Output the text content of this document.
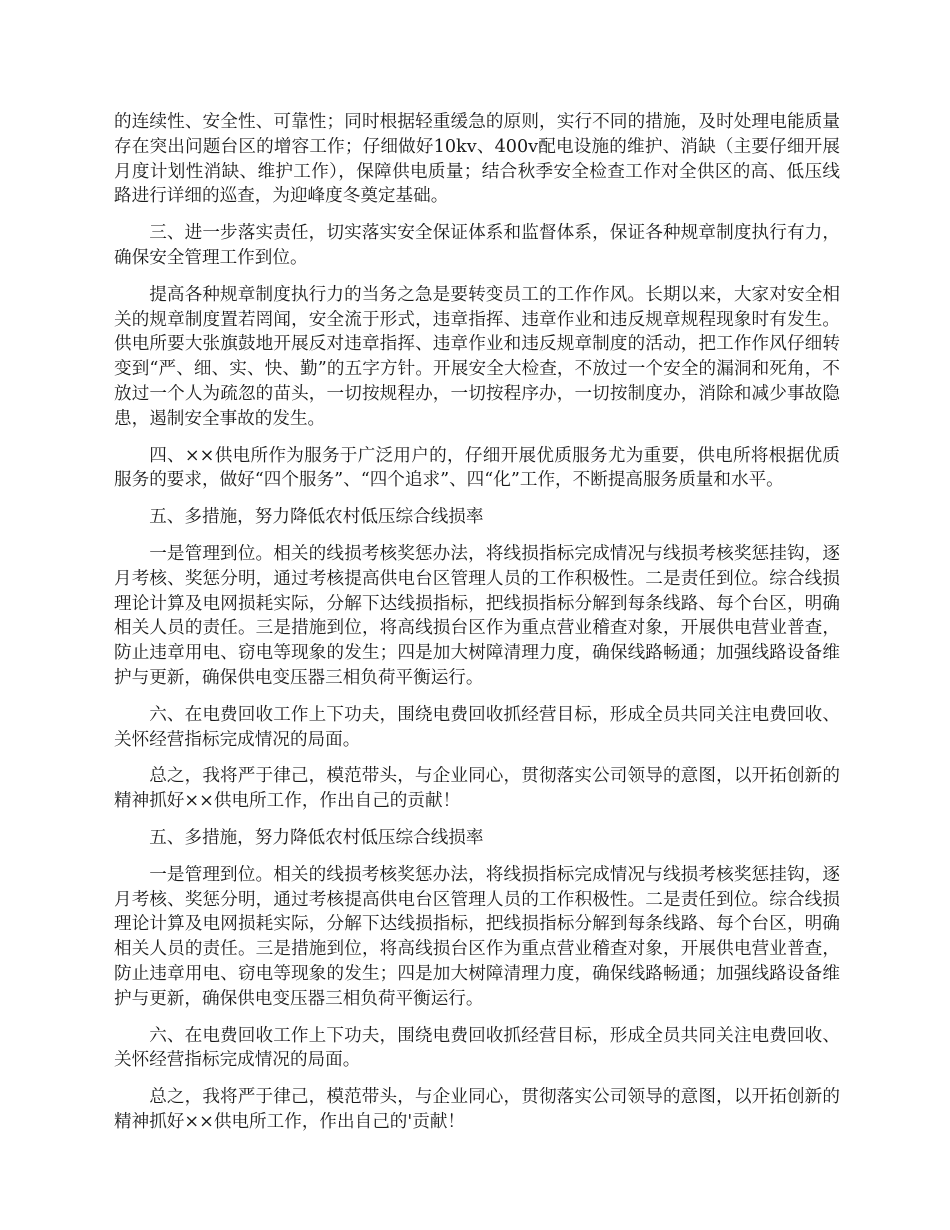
的连续性、安全性、可靠性；同时根据轻重缓急的原则，实行不同的措施，及时处理电能质量存在突出问题台区的增容工作；仔细做好10kv、400v配电设施的维护、消缺（主要仔细开展月度计划性消缺、维护工作），保障供电质量；结合秋季安全检查工作对全供区的高、低压线路进行详细的巡查，为迎峰度冬奠定基础。

三、进一步落实责任，切实落实安全保证体系和监督体系，保证各种规章制度执行有力，确保安全管理工作到位。

提高各种规章制度执行力的当务之急是要转变员工的工作作风。长期以来，大家对安全相关的规章制度置若罔闻，安全流于形式，违章指挥、违章作业和违反规章规程现象时有发生。供电所要大张旗鼓地开展反对违章指挥、违章作业和违反规章制度的活动，把工作作风仔细转变到“严、细、实、快、勤”的五字方针。开展安全大检查，不放过一个安全的漏洞和死角，不放过一个人为疏忽的苗头，一切按规程办，一切按程序办，一切按制度办，消除和减少事故隐患，遏制安全事故的发生。

四、××供电所作为服务于广泛用户的，仔细开展优质服务尤为重要，供电所将根据优质服务的要求，做好“四个服务”、“四个追求”、四“化”工作，不断提高服务质量和水平。

五、多措施，努力降低农村低压综合线损率

一是管理到位。相关的线损考核奖惩办法，将线损指标完成情况与线损考核奖惩挂钩，逐月考核、奖惩分明，通过考核提高供电台区管理人员的工作积极性。二是责任到位。综合线损理论计算及电网损耗实际，分解下达线损指标，把线损指标分解到每条线路、每个台区，明确相关人员的责任。三是措施到位，将高线损台区作为重点营业稽查对象，开展供电营业普查，防止违章用电、窃电等现象的发生；四是加大树障清理力度，确保线路畅通；加强线路设备维护与更新，确保供电变压器三相负荷平衡运行。

六、在电费回收工作上下功夫，围绕电费回收抓经营目标，形成全员共同关注电费回收、关怀经营指标完成情况的局面。

总之，我将严于律己，模范带头，与企业同心，贯彻落实公司领导的意图，以开拓创新的精神抓好××供电所工作，作出自己的贡献！

五、多措施，努力降低农村低压综合线损率

一是管理到位。相关的线损考核奖惩办法，将线损指标完成情况与线损考核奖惩挂钩，逐月考核、奖惩分明，通过考核提高供电台区管理人员的工作积极性。二是责任到位。综合线损理论计算及电网损耗实际，分解下达线损指标，把线损指标分解到每条线路、每个台区，明确相关人员的责任。三是措施到位，将高线损台区作为重点营业稽查对象，开展供电营业普查，防止违章用电、窃电等现象的发生；四是加大树障清理力度，确保线路畅通；加强线路设备维护与更新，确保供电变压器三相负荷平衡运行。

六、在电费回收工作上下功夫，围绕电费回收抓经营目标，形成全员共同关注电费回收、关怀经营指标完成情况的局面。

总之，我将严于律己，模范带头，与企业同心，贯彻落实公司领导的意图，以开拓创新的精神抓好××供电所工作，作出自己的'贡献！
